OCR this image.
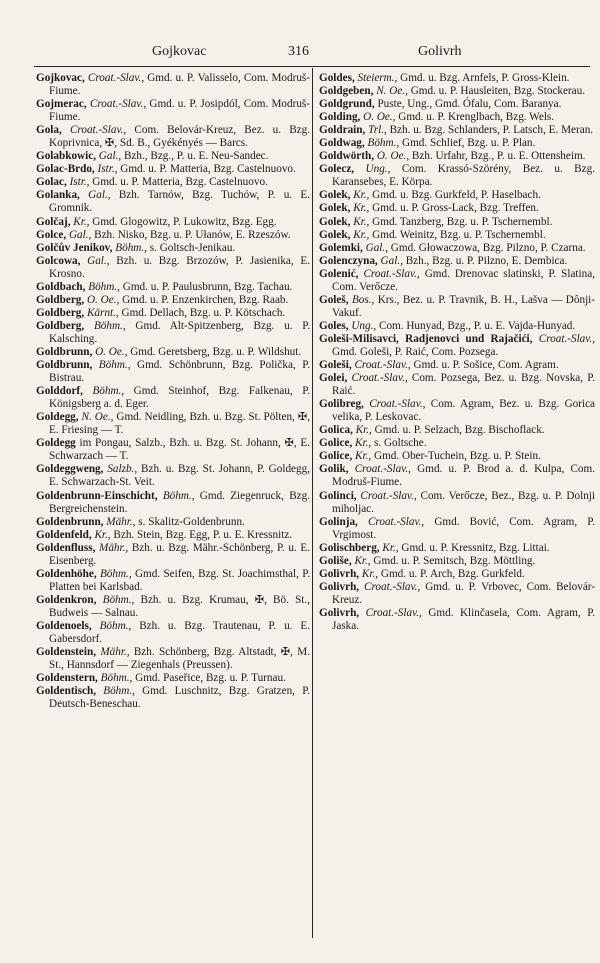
Gojkovac	316	Golivrh

Gojkovac, Croat.-Slav., Gmd. u. P. Valisselo, Com. Modruš-Fiume.

Gojmerac, Croat.-Slav., Gmd. u. P. Josipdól, Com. Modruš-Fiume.

Gola, Croat.-Slav., Com. Belovár-Kreuz, Bez. u. Bzg. Koprivnica, ✠, Sd. B., Gyékényés — Barcs.

Golabkowic, Gal., Bzh., Bzg., P. u. E. Neu-Sandec.

Golac-Brdo, Istr., Gmd. u. P. Matteria, Bzg. Castelnuovo.

Golac, Istr., Gmd. u. P. Matteria, Bzg. Castelnuovo.

Golanka, Gal., Bzh. Tarnów, Bzg. Tuchów, P. u. E. Gromnik.

Golčaj, Kr., Gmd. Glogowitz, P. Lukowitz, Bzg. Egg.

Golce, Gal., Bzh. Nisko, Bzg. u. P. Ułanów, E. Rzeszów.

Golčův Jenikov, Böhm., s. Goltsch-Jenikau.

Golcowa, Gal., Bzh. u. Bzg. Brzozów, P. Jasienika, E. Krosno.

Goldbach, Böhm., Gmd. u. P. Paulusbrunn, Bzg. Tachau.

Goldberg, O. Oe., Gmd. u. P. Enzenkirchen, Bzg. Raab.

Goldberg, Kärnt., Gmd. Dellach, Bzg. u. P. Kötschach.

Goldberg, Böhm., Gmd. Alt-Spitzenberg, Bzg. u. P. Kalsching.

Goldbrunn, O. Oe., Gmd. Geretsberg, Bzg. u. P. Wildshut.

Goldbrunn, Böhm., Gmd. Schönbrunn, Bzg. Polička, P. Bistrau.

Golddorf, Böhm., Gmd. Steinhof, Bzg. Falkenau, P. Königsberg a. d. Eger.

Goldegg, N. Oe., Gmd. Neidling, Bzh. u. Bzg. St. Pölten, ✠, E. Friesing — T.

Goldegg im Pongau, Salzb., Bzh. u. Bzg. St. Johann, ✠, E. Schwarzach — T.

Goldeggweng, Salzb., Bzh. u. Bzg. St. Johann, P. Goldegg, E. Schwarzach-St. Veit.

Goldenbrunn-Einschicht, Böhm., Gmd. Ziegenruck, Bzg. Bergreichenstein.

Goldenbrunn, Mähr., s. Skalitz-Goldenbrunn.

Goldenfeld, Kr., Bzh. Stein, Bzg. Egg, P. u. E. Kressnitz.

Goldenfluss, Mähr., Bzh. u. Bzg. Mähr.-Schönberg, P. u. E. Eisenberg.

Goldenhöhe, Böhm., Gmd. Seifen, Bzg. St. Joachimsthal, P. Platten bei Karlsbad.

Goldenkron, Böhm., Bzh. u. Bzg. Krumau, ✠, Bö. St., Budweis — Salnau.

Goldenoels, Böhm., Bzh. u. Bzg. Trautenau, P. u. E. Gabersdorf.

Goldenstein, Mähr., Bzh. Schönberg, Bzg. Altstadt, ✠, M. St., Hannsdorf — Ziegenhals (Preussen).

Goldenstern, Böhm., Gmd. Paseřice, Bzg. u. P. Turnau.

Goldentisch, Böhm., Gmd. Luschnitz, Bzg. Gratzen, P. Deutsch-Beneschau.

Goldes, Steierm., Gmd. u. Bzg. Arnfels, P. Gross-Klein.

Goldgeben, N. Oe., Gmd. u. P. Hausleiten, Bzg. Stockerau.

Goldgrund, Puste, Ung., Gmd. Ófalu, Com. Baranya.

Golding, O. Oe., Gmd. u. P. Krenglbach, Bzg. Wels.

Goldrain, Trl., Bzh. u. Bzg. Schlanders, P. Latsch, E. Meran.

Goldwag, Böhm., Gmd. Schlief, Bzg. u. P. Plan.

Goldwörth, O. Oe., Bzh. Urfahr, Bzg., P. u. E. Ottensheim.

Golecz, Ung., Com. Krassó-Szörény, Bez. u. Bzg. Karansebes, E. Körpa.

Golek, Kr., Gmd. u. Bzg. Gurkfeld, P. Haselbach.

Golek, Kr., Gmd. u. P. Gross-Lack, Bzg. Treffen.

Golek, Kr., Gmd. Tanzberg, Bzg. u. P. Tschernembl.

Golek, Kr., Gmd. Weinitz, Bzg. u. P. Tschernembl.

Golemki, Gal., Gmd. Głowaczowa, Bzg. Pilzno, P. Czarna.

Golenczyna, Gal., Bzh., Bzg. u. P. Pilzno, E. Dembica.

Golenić, Croat.-Slav., Gmd. Drenovac slatinski, P. Slatina, Com. Verőcze.

Goleš, Bos., Krs., Bez. u. P. Travnik, B. H., Lašva — Dônji-Vakuf.

Goles, Ung., Com. Hunyad, Bzg., P. u. E. Vajda-Hunyad.

Goleši-Milisavci, Radjenovci und Rajačići, Croat.-Slav., Gmd. Goleši, P. Raić, Com. Pozsega.

Goleši, Croat.-Slav., Gmd. u. P. Sošice, Com. Agram.

Golei, Croat.-Slav., Com. Pozsega, Bez. u. Bzg. Novska, P. Raić.

Golibreg, Croat.-Slav., Com. Agram, Bez. u. Bzg. Gorica velika, P. Leskovac.

Golica, Kr., Gmd. u. P. Selzach, Bzg. Bischoflack.

Golice, Kr., s. Goltsche.

Golice, Kr., Gmd. Ober-Tuchein, Bzg. u. P. Stein.

Golik, Croat.-Slav., Gmd. u. P. Brod a. d. Kulpa, Com. Modruš-Fiume.

Golinci, Croat.-Slav., Com. Verőcze, Bez., Bzg. u. P. Dolnji miholjac.

Golinja, Croat.-Slav., Gmd. Bović, Com. Agram, P. Vrgimost.

Golischberg, Kr., Gmd. u. P. Kressnitz, Bzg. Littai.

Goliše, Kr., Gmd. u. P. Semitsch, Bzg. Möttling.

Golivrh, Kr., Gmd. u. P. Arch, Bzg. Gurkfeld.

Golivrh, Croat.-Slav., Gmd. u. P. Vrbovec, Com. Belovár-Kreuz.

Golivrh, Croat.-Slav., Gmd. Klinčasela, Com. Agram, P. Jaska.
